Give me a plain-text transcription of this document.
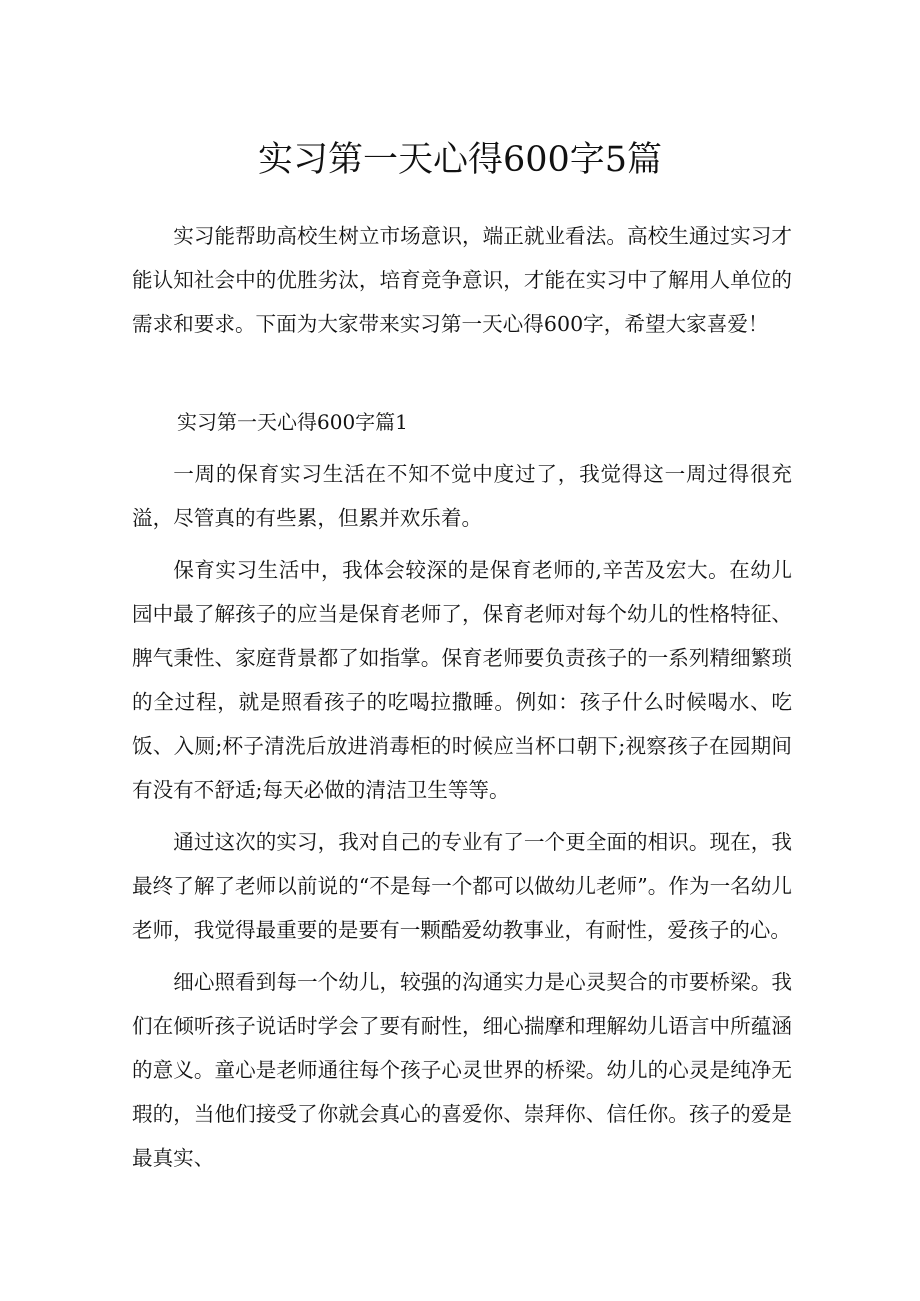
实习第一天心得600字5篇

实习能帮助高校生树立市场意识，端正就业看法。高校生通过实习才能认知社会中的优胜劣汰，培育竞争意识，才能在实习中了解用人单位的需求和要求。下面为大家带来实习第一天心得600字，希望大家喜爱！

实习第一天心得600字篇1

一周的保育实习生活在不知不觉中度过了，我觉得这一周过得很充溢，尽管真的有些累，但累并欢乐着。

保育实习生活中，我体会较深的是保育老师的,辛苦及宏大。在幼儿园中最了解孩子的应当是保育老师了，保育老师对每个幼儿的性格特征、脾气秉性、家庭背景都了如指掌。保育老师要负责孩子的一系列精细繁琐的全过程，就是照看孩子的吃喝拉撒睡。例如：孩子什么时候喝水、吃饭、入厕;杯子清洗后放进消毒柜的时候应当杯口朝下;视察孩子在园期间有没有不舒适;每天必做的清洁卫生等等。

通过这次的实习，我对自己的专业有了一个更全面的相识。现在，我最终了解了老师以前说的“不是每一个都可以做幼儿老师”。作为一名幼儿老师，我觉得最重要的是要有一颗酷爱幼教事业，有耐性，爱孩子的心。

细心照看到每一个幼儿，较强的沟通实力是心灵契合的市要桥梁。我们在倾听孩子说话时学会了要有耐性，细心揣摩和理解幼儿语言中所蕴涵的意义。童心是老师通往每个孩子心灵世界的桥梁。幼儿的心灵是纯净无瑕的，当他们接受了你就会真心的喜爱你、崇拜你、信任你。孩子的爱是最真实、
